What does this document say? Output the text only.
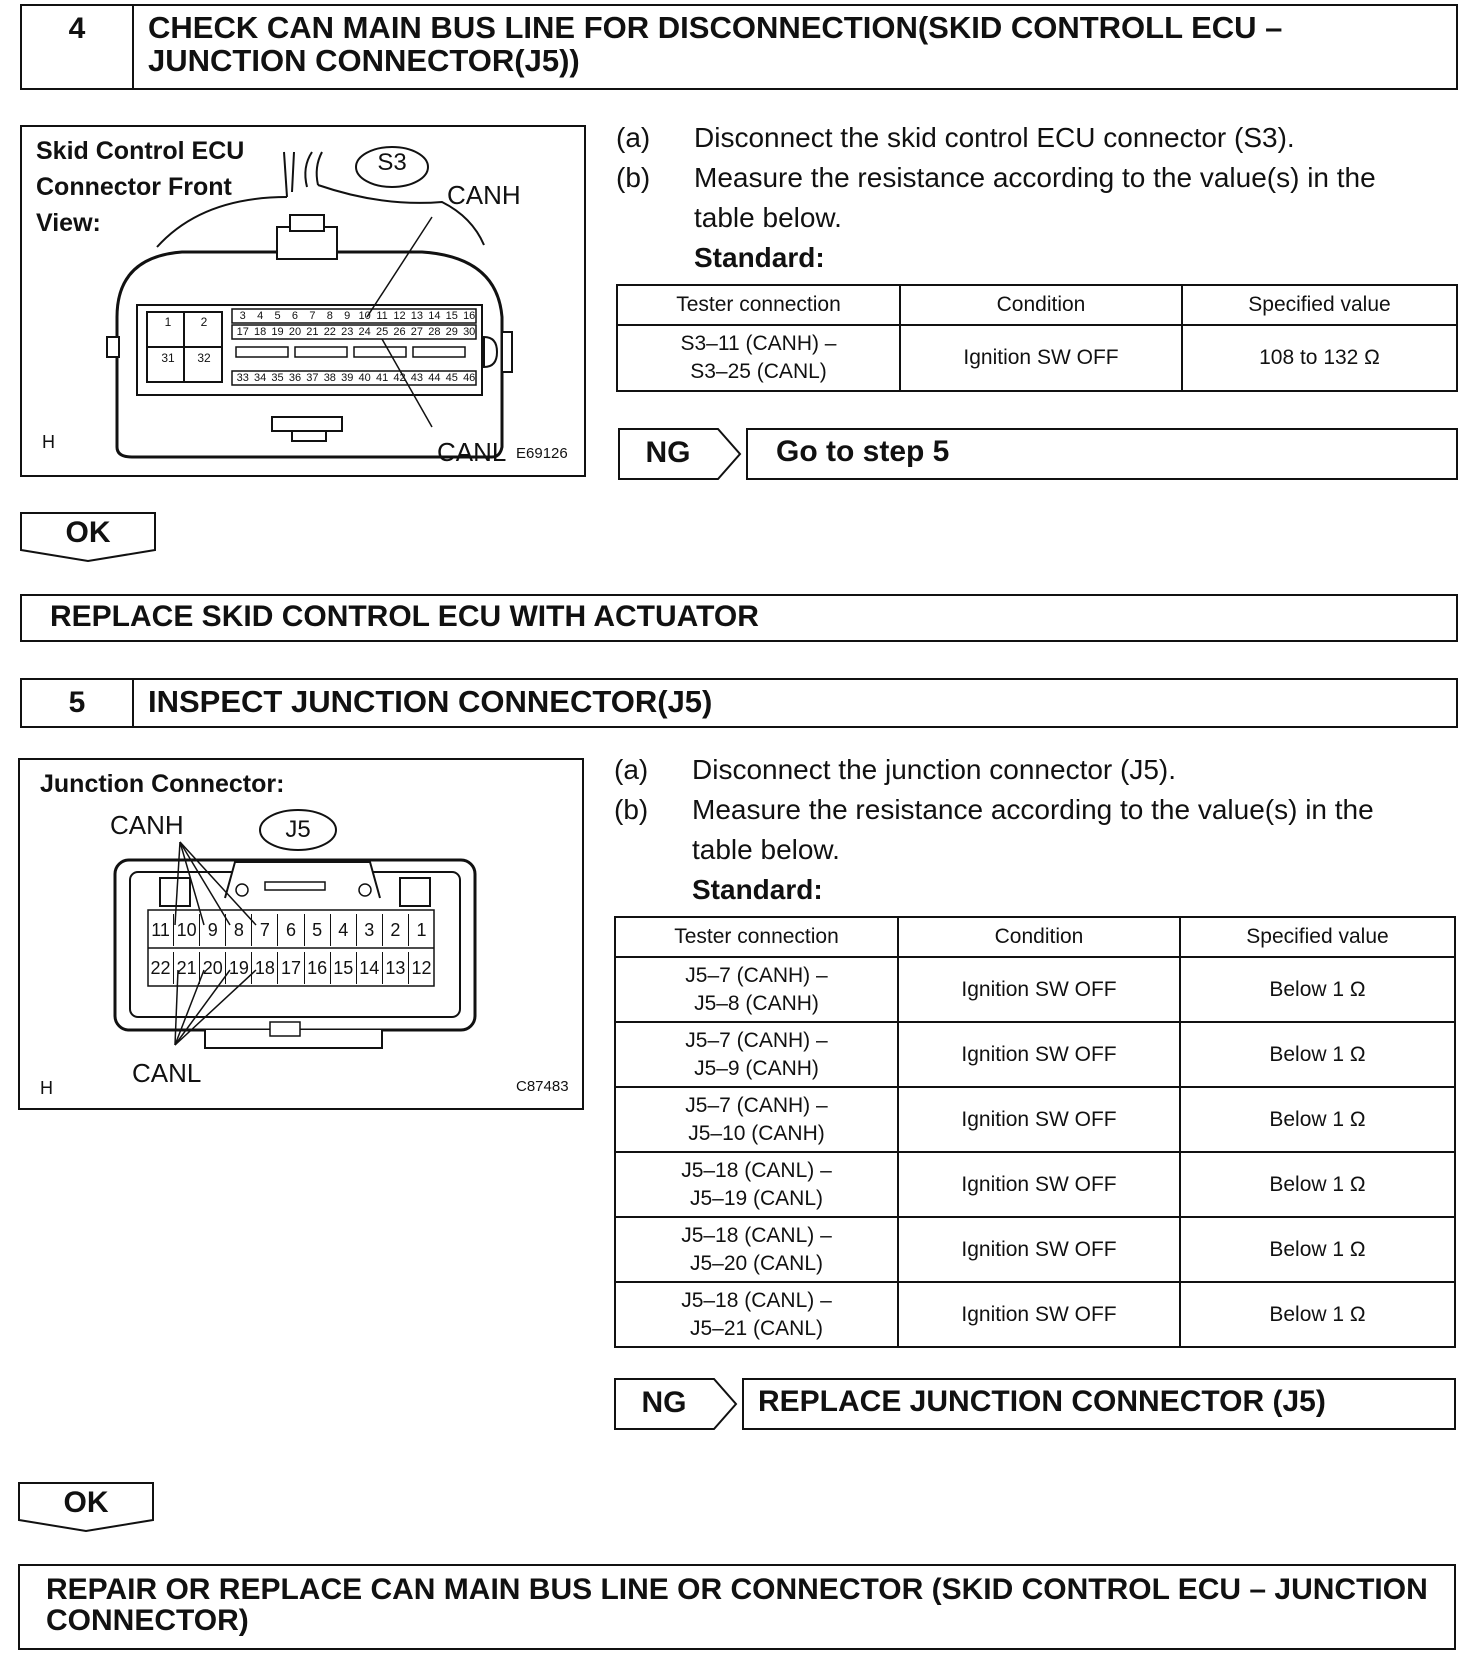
4	CHECK CAN MAIN BUS LINE FOR DISCONNECTION(SKID CONTROLL ECU –
JUNCTION CONNECTOR(J5))
Skid Control ECU
Connector Front
View:
S3
CANH
CANL E69126
H
1	2
31	32
3	4	5	6	7	8	9 10 11 12 13 14 15 16
17 18 19 20 21 22 23 24 25 26 27 28 29 30
33 34 35 36 37 38 39 40 41 42 43 44 45 46
(a)	Disconnect the skid control ECU connector (S3).
(b)	Measure the resistance according to the value(s) in the
table below.
Standard:
Tester connection	Condition	Specified value

S3–11 (CANH) –
S3–25 (CANL)	Ignition SW OFF	108 to 132 Ω
NG	Go to step 5
OK
REPLACE SKID CONTROL ECU WITH ACTUATOR
5	INSPECT JUNCTION CONNECTOR(J5)
Junction Connector:
J5
CANH
CANL	C87483
H
11 10 9 8 7 6 5 4 3 2 1
22 21 20 19 18 17 16 15 14 13 12
(a)	Disconnect the junction connector (J5).
(b)	Measure the resistance according to the value(s) in the
table below.
Standard:
Tester connection	Condition	Specified value

J5–7 (CANH) –
J5–8 (CANH)	Ignition SW OFF	Below 1 Ω

J5–7 (CANH) –
J5–9 (CANH)	Ignition SW OFF	Below 1 Ω

J5–7 (CANH) –
J5–10 (CANH)	Ignition SW OFF	Below 1 Ω

J5–18 (CANL) –
J5–19 (CANL)	Ignition SW OFF	Below 1 Ω

J5–18 (CANL) –
J5–20 (CANL)	Ignition SW OFF	Below 1 Ω

J5–18 (CANL) –
J5–21 (CANL)	Ignition SW OFF	Below 1 Ω
NG	REPLACE JUNCTION CONNECTOR (J5)
OK
REPAIR OR REPLACE CAN MAIN BUS LINE OR CONNECTOR (SKID CONTROL ECU – JUNCTION
CONNECTOR)
